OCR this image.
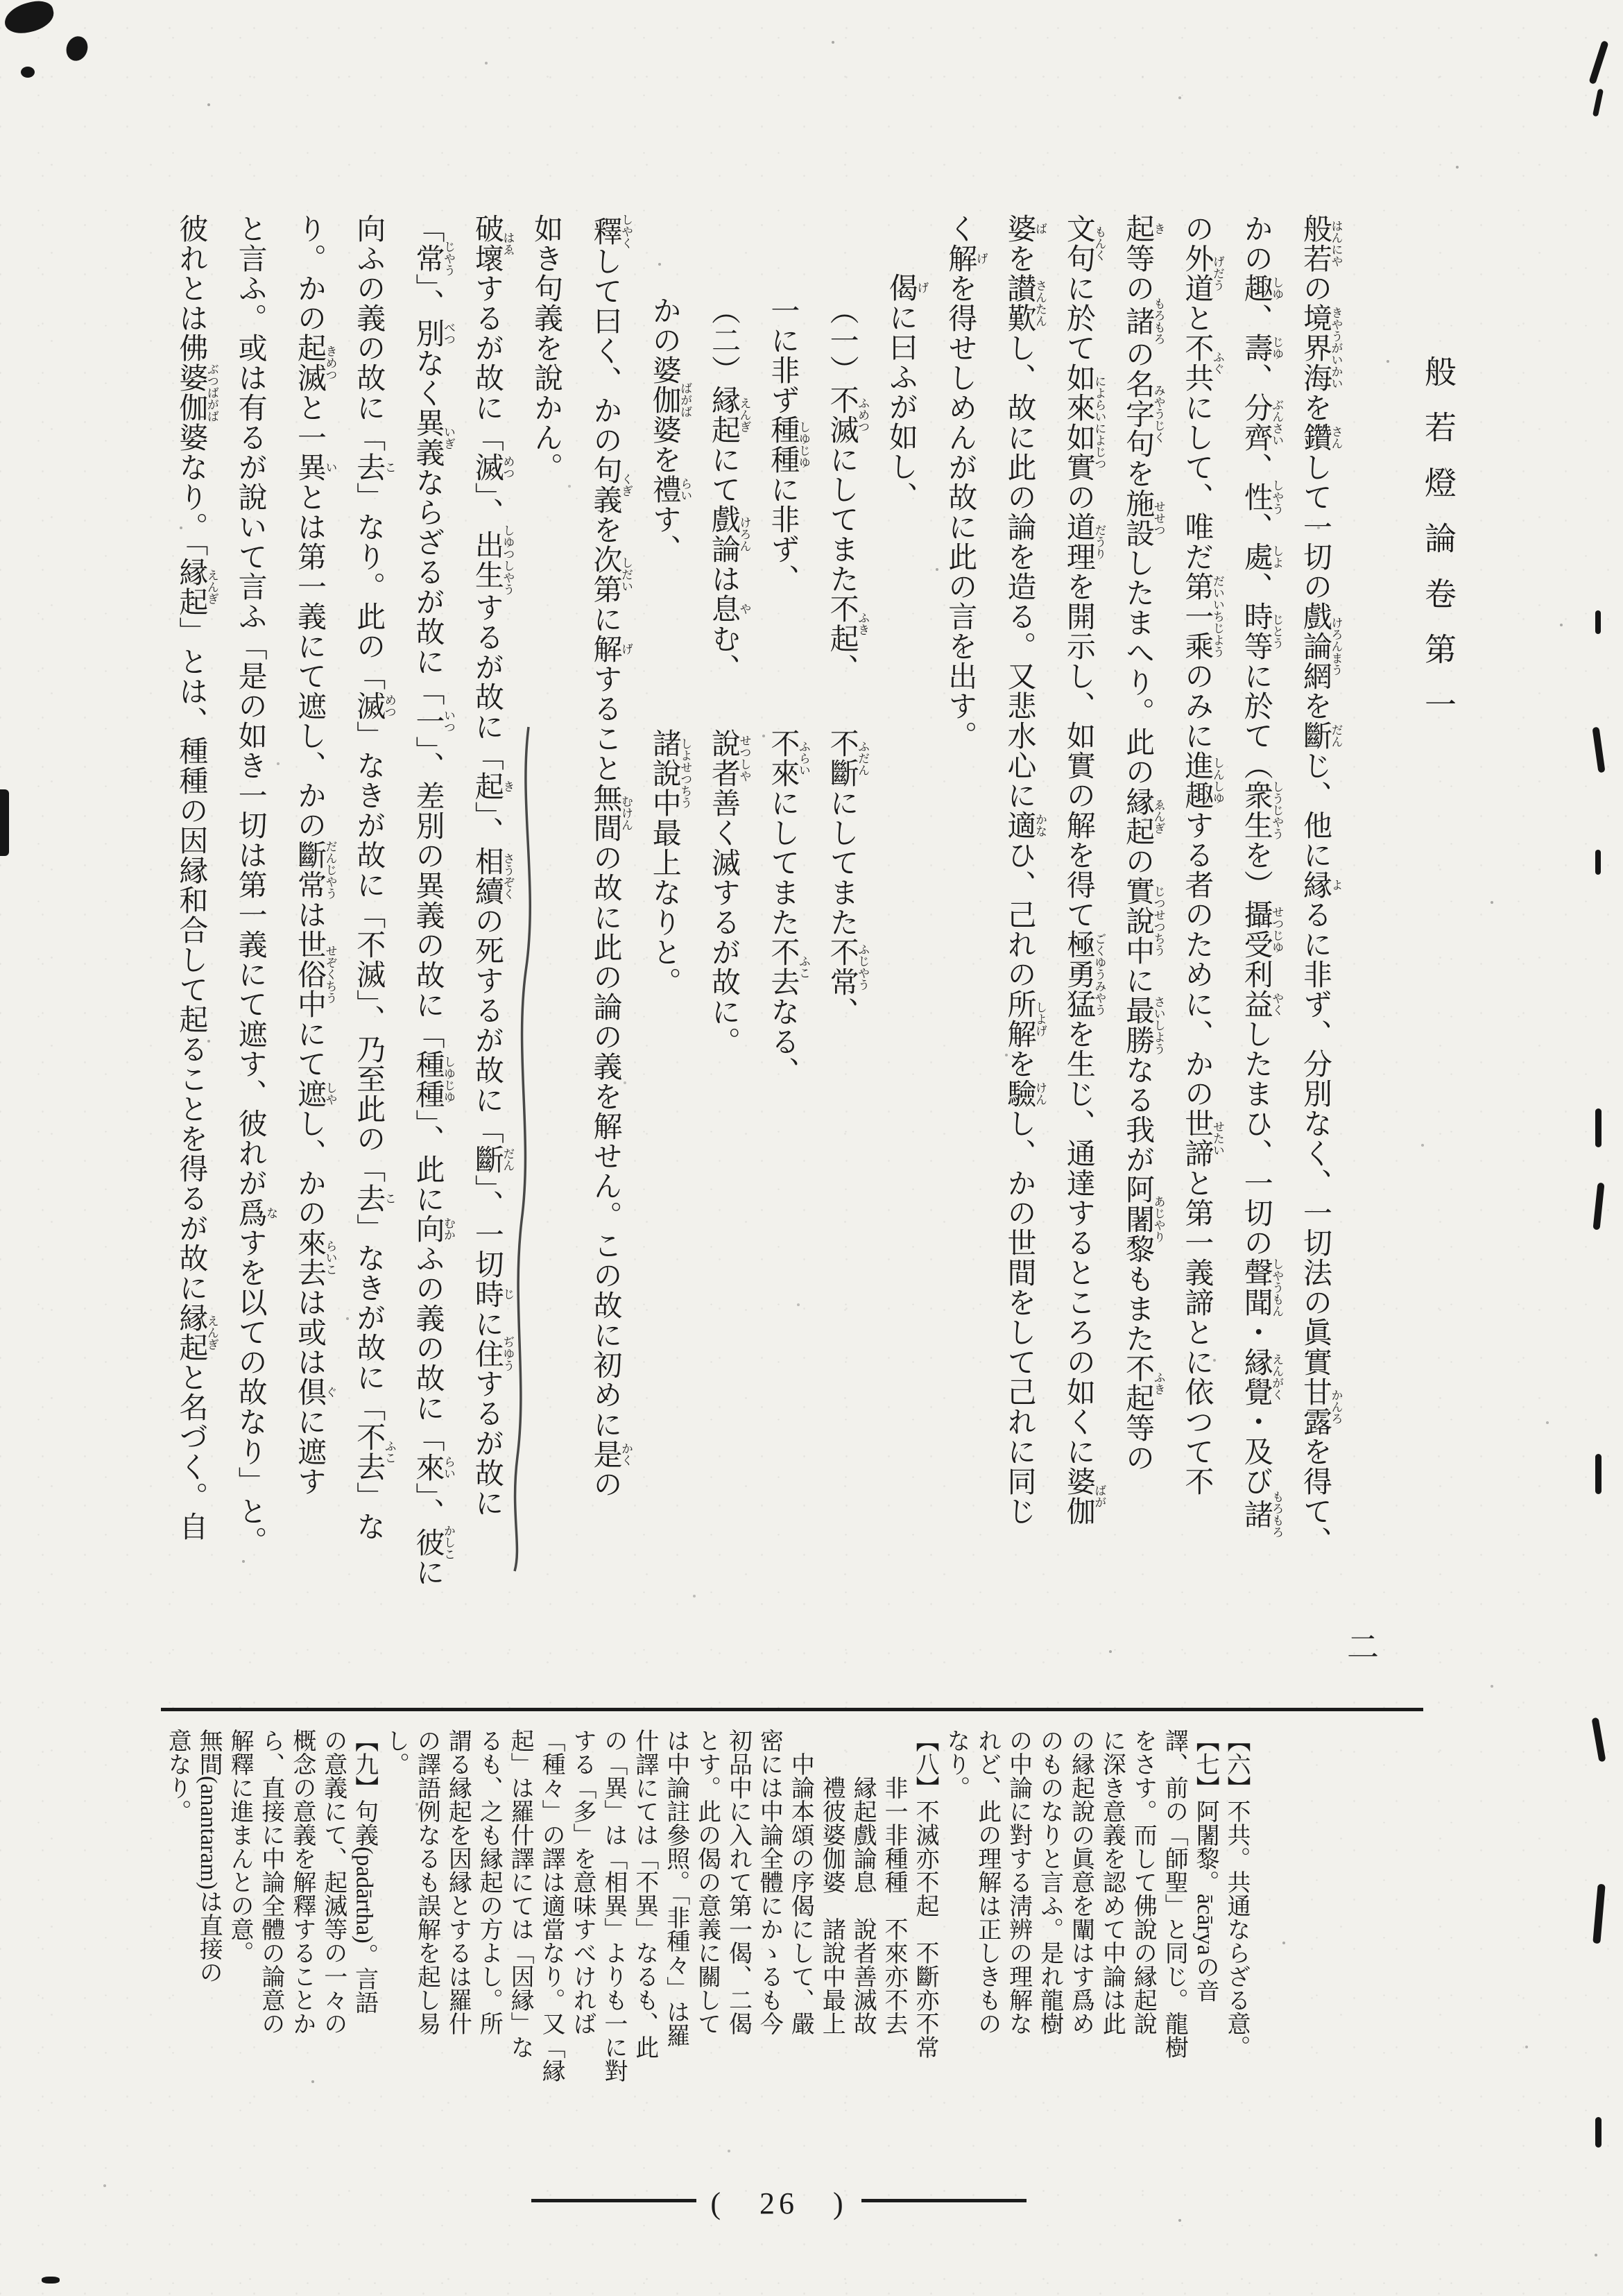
般若燈論卷第一
二
般若はんにやの境界海きやうがいかいを鑽さんして一切の戲論網けろんまうを斷だんじ、他に縁よるに非ず、分別なく、一切法の眞實甘露かんろを得て、
かの趣しゆ、壽じゆ、分齊ぶんさい、性しやう、處しよ、時等じとうに於て（衆生しうじやうを）攝受せつじゆ利益やくしたまひ、一切の聲聞しやうもん・縁覺えんがく・及び諸もろもろ
の外道げだうと不共ふぐにして、唯だ第一乘だいいちじようのみに進趣しんしゆする者のために、かの世諦せたいと第一義諦とに依つて不
起き等の諸もろもろの名字句みやうじくを施設せせつしたまへり。此の縁起ゑんぎの實說中じつせつちうに最勝さいしようなる我が阿闍黎あじやりもまた不起ふき等の
文句もんくに於て如來如實によらいによじつの道理だうりを開示し、如實の解を得て極勇猛ごくゆうみやうを生じ、通達するところの如くに婆伽ばが
婆ばを讃歎さんたんし、故に此の論を造る。又悲水心に適かなひ、己れの所解しよげを驗けんし、かの世間をして己れに同じ
く解げを得せしめんが故に此の言を出す。
偈げに曰ふが如し、
（一）不滅ふめつにしてまた不起ふき、　　不斷ふだんにしてまた不常ふじやう、
一に非ず種種しゆじゆに非ず、　　　　　不來ふらいにしてまた不去ふこなる、
（二）縁起えんぎにて戲論けろんは息やむ、　　說者せつしや善く滅するが故に。
かの婆伽婆ばがばを禮らいす、　　　　　　諸說中しよせつちう最上なりと。
釋しやくして曰く、かの句義くぎを次第しだいに解げすること無間むけんの故に此の論の義を解せん。この故に初めに是かくの
如き句義を說かん。
破壞はゑするが故に「滅めつ」、出生しゆつしやうするが故に「起き」、相續さうぞくの死するが故に「斷だん」、一切時じに住ぢゆうするが故に
「常じやう」、別べつなく異義いぎならざるが故に「一いつ」、差別の異義の故に「種種しゆじゆ」、此に向むかふの義の故に「來らい」、彼かしこに
向ふの義の故に「去こ」なり。此の「滅めつ」なきが故に「不滅」、乃至此の「去こ」なきが故に「不去ふこ」な
り。かの起滅きめつと一異いとは第一義にて遮し、かの斷常だんじやうは世俗中せぞくちうにて遮しやし、かの來去らいこは或は倶ぐに遮す
と言ふ。或は有るが說いて言ふ「是の如き一切は第一義にて遮す、彼れが爲なすを以ての故なり」と。
彼れとは佛婆伽婆ぶつばがばなり。「縁起えんぎ」とは、種種の因縁和合して起ることを得るが故に縁起えんぎと名づく。自
【六】不共。共通ならざる意。
【七】阿闍黎。ācāryaの音
譯、前の「師聖」と同じ。龍樹
をさす。而して佛說の縁起說
に深き意義を認めて中論は此
の縁起說の眞意を闡はす爲め
のものなりと言ふ。是れ龍樹
の中論に對する淸辨の理解な
れど、此の理解は正しきもの
なり。
【八】不滅亦不起　不斷亦不常
非一非種種　不來亦不去
縁起戲論息　說者善滅故
禮彼婆伽婆　諸說中最上
中論本頌の序偈にして、嚴
密には中論全體にかゝるも今
初品中に入れて第一偈、二偈
とす。此の偈の意義に關して
は中論註參照。「非種々」は羅
什譯にては「不異」なるも、此
の「異」は「相異」よりも一に對
する「多」を意味すべければ
「種々」の譯は適當なり。又「縁
起」は羅什譯にては「因縁」な
るも、之も縁起の方よし。所
謂る縁起を因縁とするは羅什
の譯語例なるも誤解を起し易
し。
【九】句義(padārtha)。言語
の意義にて、起滅等の一々の
概念の意義を解釋することか
ら、直接に中論全體の論意の
解釋に進まんとの意。
無間(anantaram)は直接の
意なり。
(　26　)
